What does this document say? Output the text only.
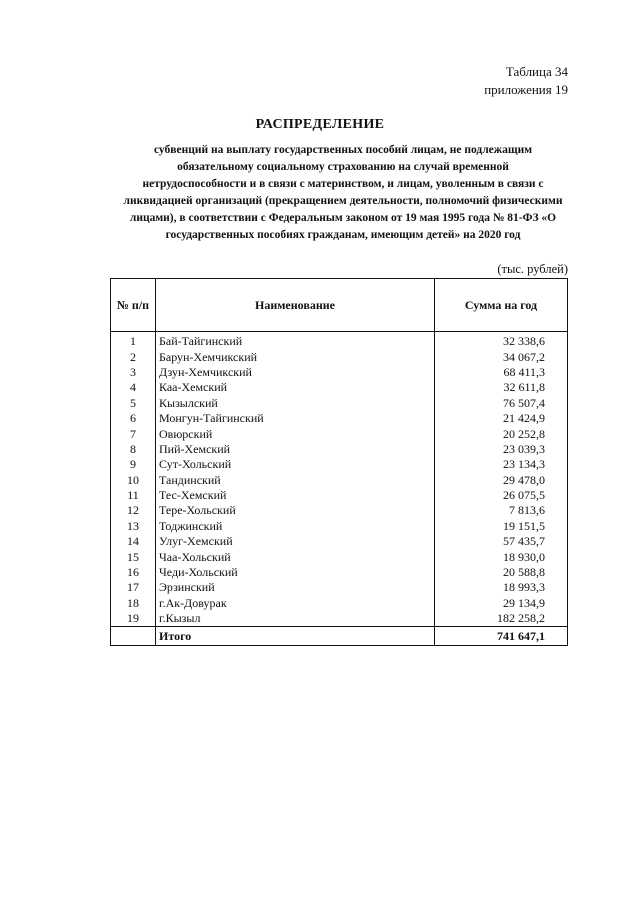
Таблица 34
приложения 19
РАСПРЕДЕЛЕНИЕ
субвенций на выплату государственных пособий лицам, не подлежащим
обязательному социальному страхованию на случай временной
нетрудоспособности и в связи с материнством, и лицам, уволенным в связи с
ликвидацией организаций (прекращением деятельности, полномочий физическими
лицами), в соответствии с Федеральным законом от 19 мая 1995 года № 81-ФЗ «О
государственных пособиях гражданам, имеющим детей» на 2020 год
(тыс. рублей)
№ п/п	Наименование	Сумма на год
1	Бай-Тайгинский	32 338,6
2	Барун-Хемчикский	34 067,2
3	Дзун-Хемчикский	68 411,3
4	Каа-Хемский	32 611,8
5	Кызылский	76 507,4
6	Монгун-Тайгинский	21 424,9
7	Овюрский	20 252,8
8	Пий-Хемский	23 039,3
9	Сут-Хольский	23 134,3
10	Тандинский	29 478,0
11	Тес-Хемский	26 075,5
12	Тере-Хольский	7 813,6
13	Тоджинский	19 151,5
14	Улуг-Хемский	57 435,7
15	Чаа-Хольский	18 930,0
16	Чеди-Хольский	20 588,8
17	Эрзинский	18 993,3
18	г.Ак-Довурак	29 134,9
19	г.Кызыл	182 258,2
	Итого	741 647,1
